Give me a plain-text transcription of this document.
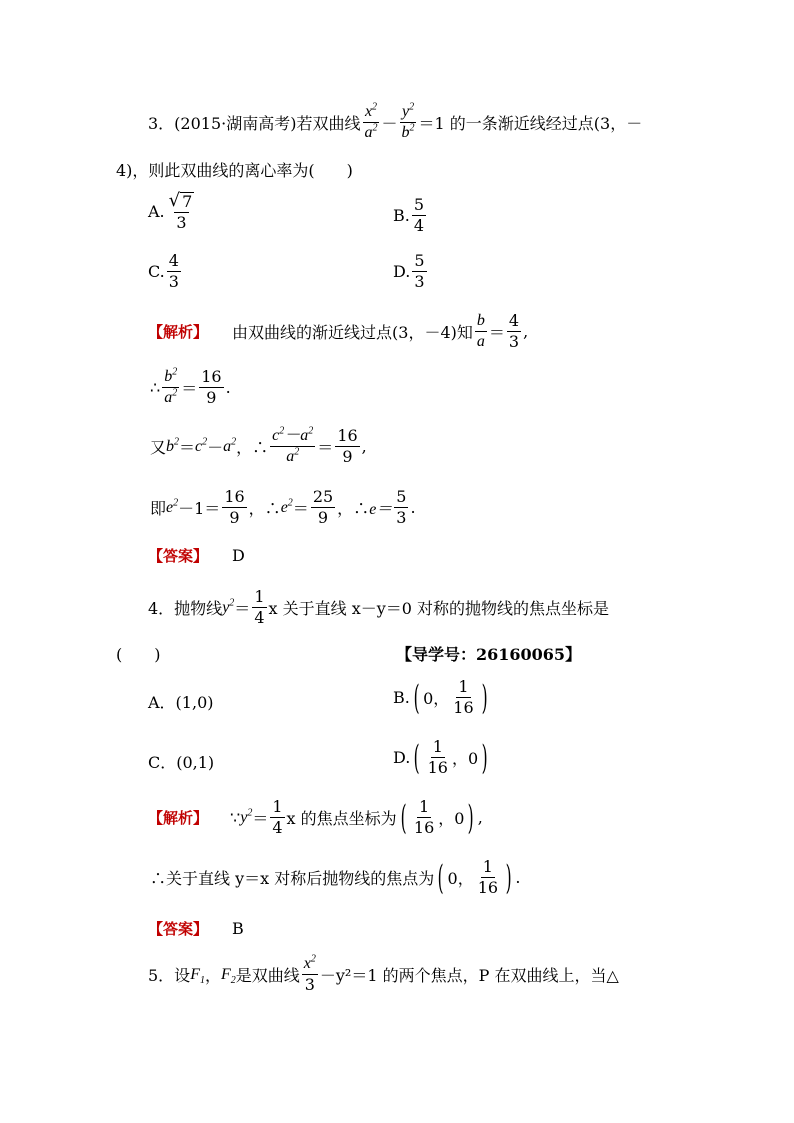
3．(2015·湖南高考) 若双曲线 $\frac{x^2}{a^2} - \frac{y^2}{b^2} =1$ 的一条渐近线经过点(3，－
4)，则此双曲线的离心率为(　　)
A. $\frac{√ 7}{3}$	B. $\frac{5}{4}$
C. $\frac{4}{3}$	D. $\frac{5}{3}$
【解析】 由双曲线的渐近线过点(3，－4)知 $\frac{b}{a} = \frac{4}{3}$ ,
∴ $\frac{b^2}{a^2} = \frac{16}{9}$ .
又 $b^2 = c^2 - a^2$ ，∴ $\frac{c^2-a^2}{a^2} = \frac{16}{9}$ ,
即 $e^2 -1= \frac{16}{9}$ ，∴ $e^2 = \frac{25}{9}$ ，∴ $e= \frac{5}{3}$ .
【答案】 D
4．抛物线 $y^2 = \frac{1}{4}$ x 关于直线 x－y＝0 对称的抛物线的焦点坐标是
(　　)	【导学号：26160065】
A．(1,0)	B. ( 0， $\frac{1}{16}$ )
C．(0,1)	D. ( $\frac{1}{16}$ ，0 )
【解析】 ∵ $y^2 = \frac{1}{4}$ x 的焦点坐标为 ( $\frac{1}{16}$ ，0 ) ,
∴关于直线 y＝x 对称后抛物线的焦点为 ( 0， $\frac{1}{16}$ ) .
【答案】 B
5．设 $F_1$ ， $F_2$ 是双曲线 $\frac{x^2}{3} -y^2=1$ 的两个焦点，P 在双曲线上，当△
